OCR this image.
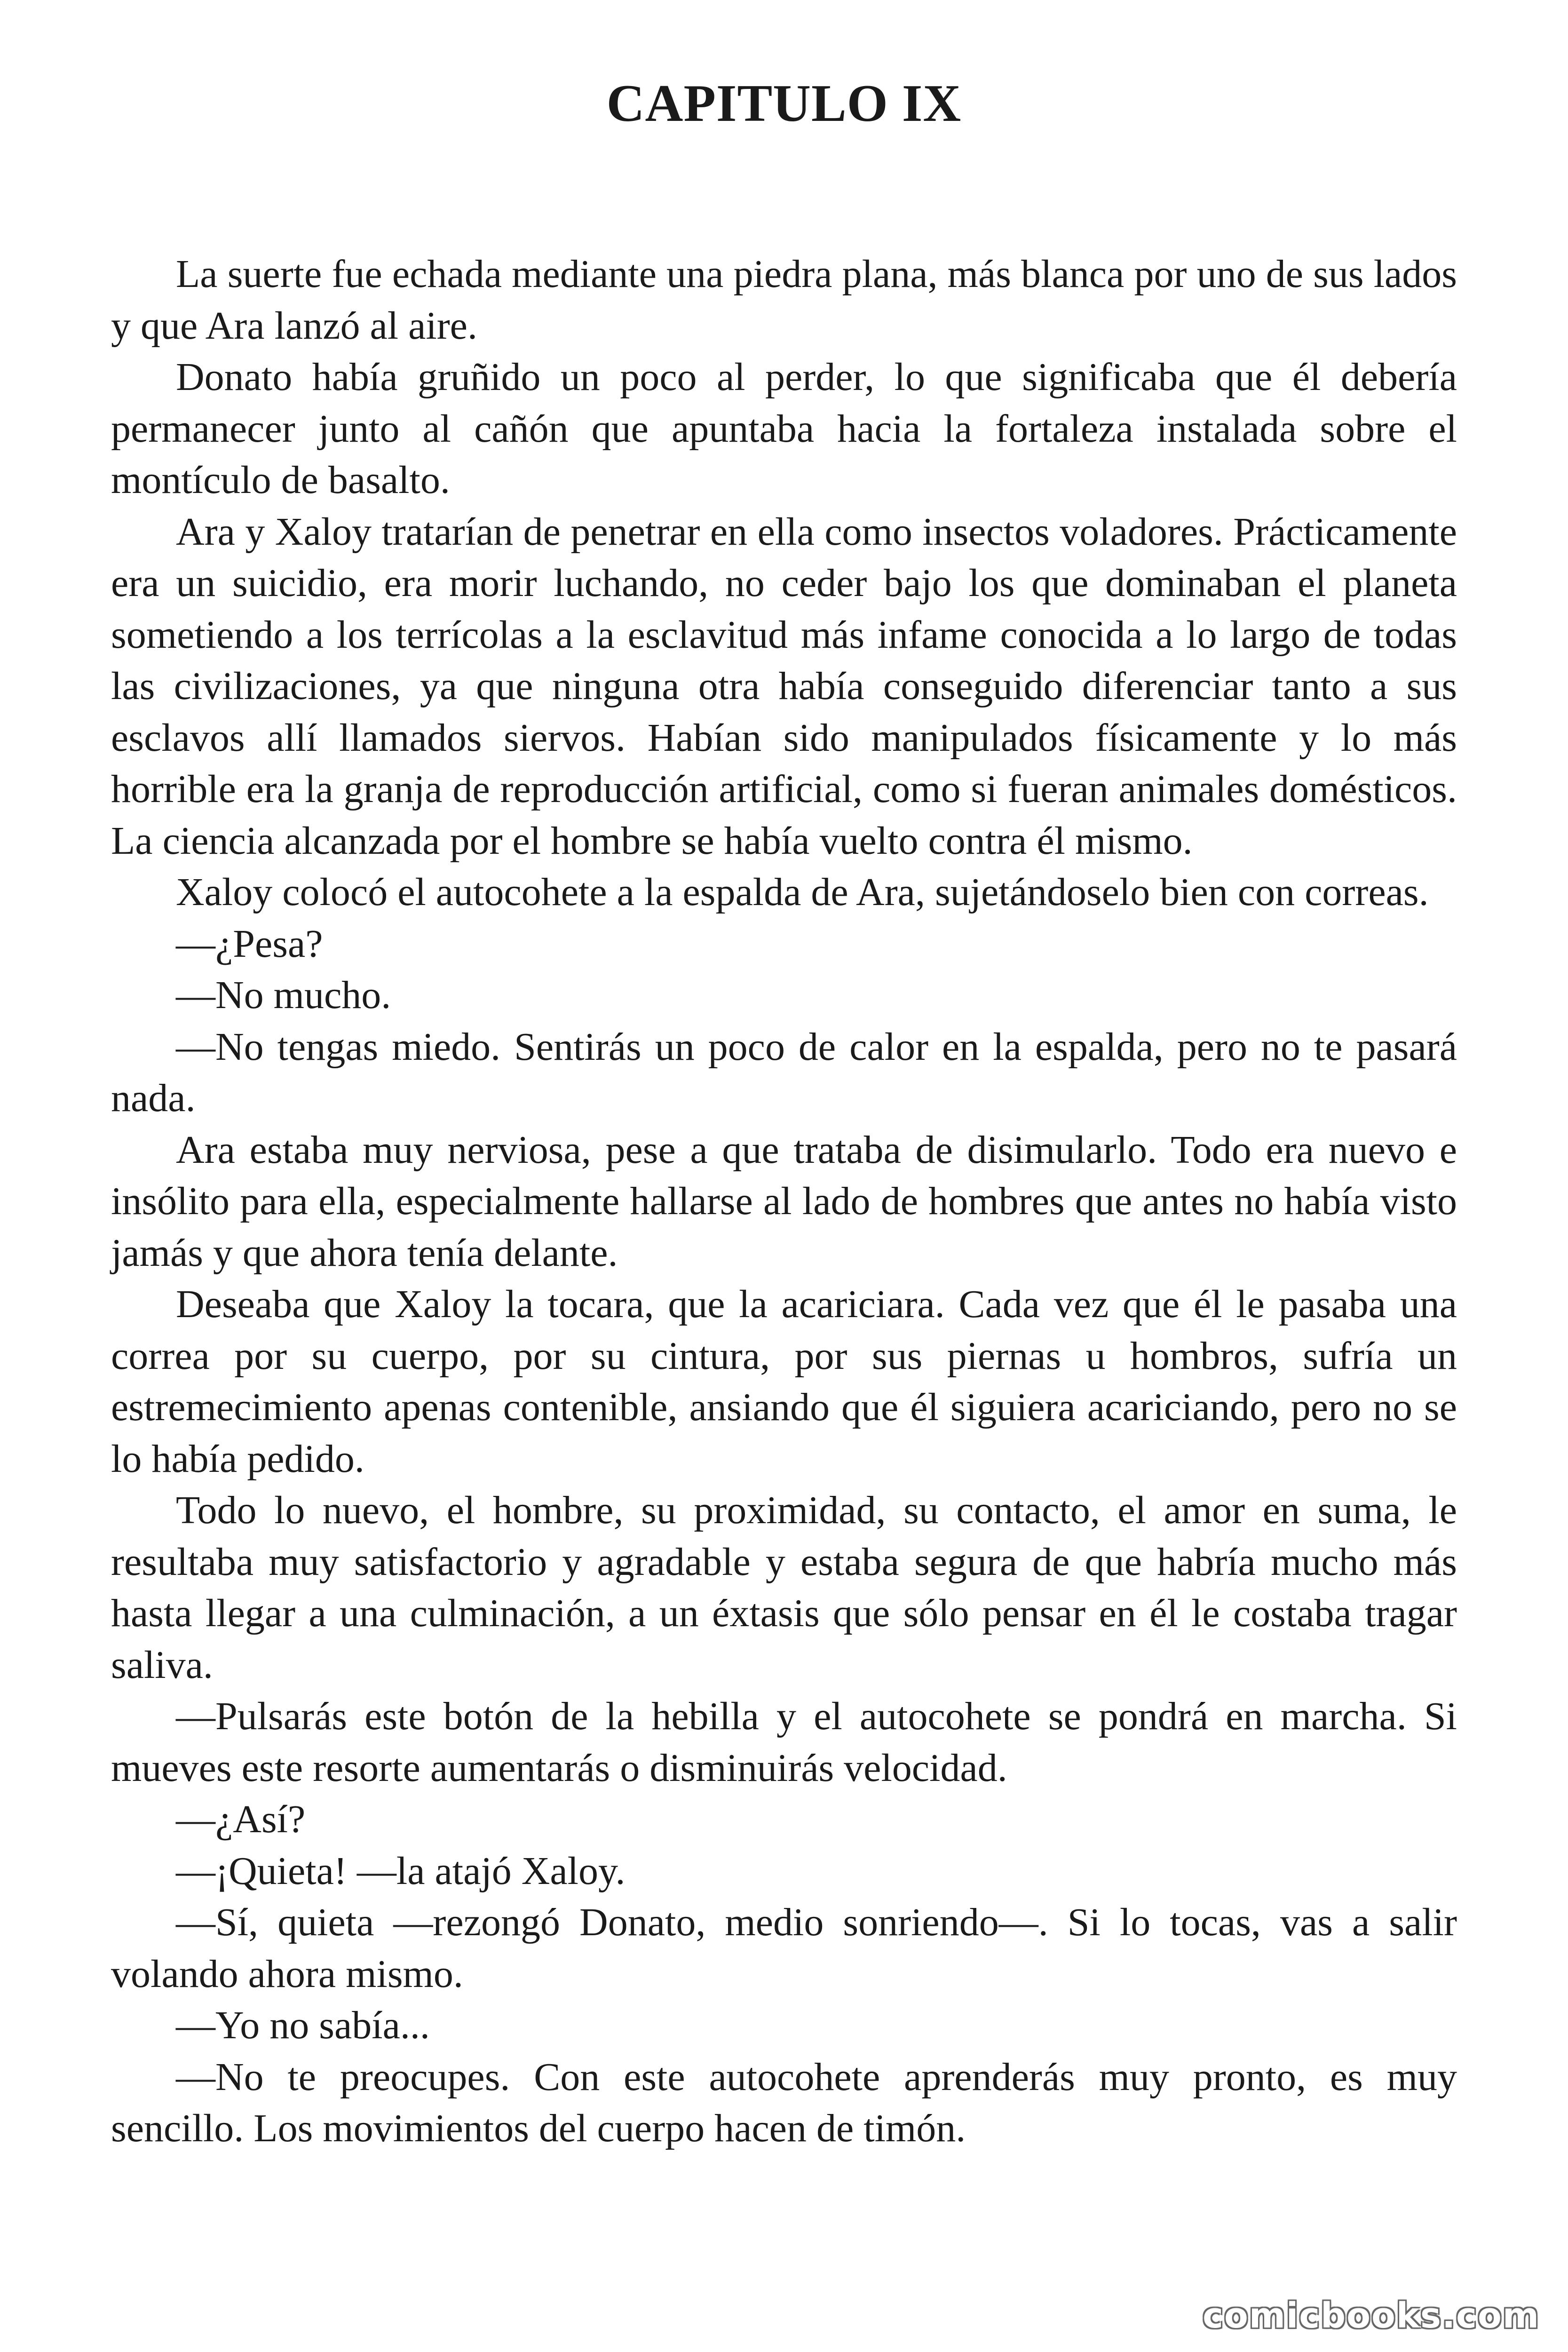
CAPITULO IX

La suerte fue echada mediante una piedra plana, más blanca por uno de sus lados y que Ara lanzó al aire.

Donato había gruñido un poco al perder, lo que significaba que él debería permanecer junto al cañón que apuntaba hacia la fortaleza instalada sobre el montículo de basalto.

Ara y Xaloy tratarían de penetrar en ella como insectos voladores. Prácticamente era un suicidio, era morir luchando, no ceder bajo los que dominaban el planeta sometiendo a los terrícolas a la esclavitud más infame conocida a lo largo de todas las civilizaciones, ya que ninguna otra había conseguido diferenciar tanto a sus esclavos allí llamados siervos. Habían sido manipulados físicamente y lo más horrible era la granja de reproducción artificial, como si fueran animales domésticos. La ciencia alcanzada por el hombre se había vuelto contra él mismo.

Xaloy colocó el autocohete a la espalda de Ara, sujetándoselo bien con correas.

—¿Pesa?

—No mucho.

—No tengas miedo. Sentirás un poco de calor en la espalda, pero no te pasará nada.

Ara estaba muy nerviosa, pese a que trataba de disimularlo. Todo era nuevo e insólito para ella, especialmente hallarse al lado de hombres que antes no había visto jamás y que ahora tenía delante.

Deseaba que Xaloy la tocara, que la acariciara. Cada vez que él le pasaba una correa por su cuerpo, por su cintura, por sus piernas u hombros, sufría un estremecimiento apenas contenible, ansiando que él siguiera acariciando, pero no se lo había pedido.

Todo lo nuevo, el hombre, su proximidad, su contacto, el amor en suma, le resultaba muy satisfactorio y agradable y estaba segura de que habría mucho más hasta llegar a una culminación, a un éxtasis que sólo pensar en él le costaba tragar saliva.

—Pulsarás este botón de la hebilla y el autocohete se pondrá en marcha. Si mueves este resorte aumentarás o disminuirás velocidad.

—¿Así?

—¡Quieta! —la atajó Xaloy.

—Sí, quieta —rezongó Donato, medio sonriendo—. Si lo tocas, vas a salir volando ahora mismo.

—Yo no sabía...

—No te preocupes. Con este autocohete aprenderás muy pronto, es muy sencillo. Los movimientos del cuerpo hacen de timón.

comicbooks.com
